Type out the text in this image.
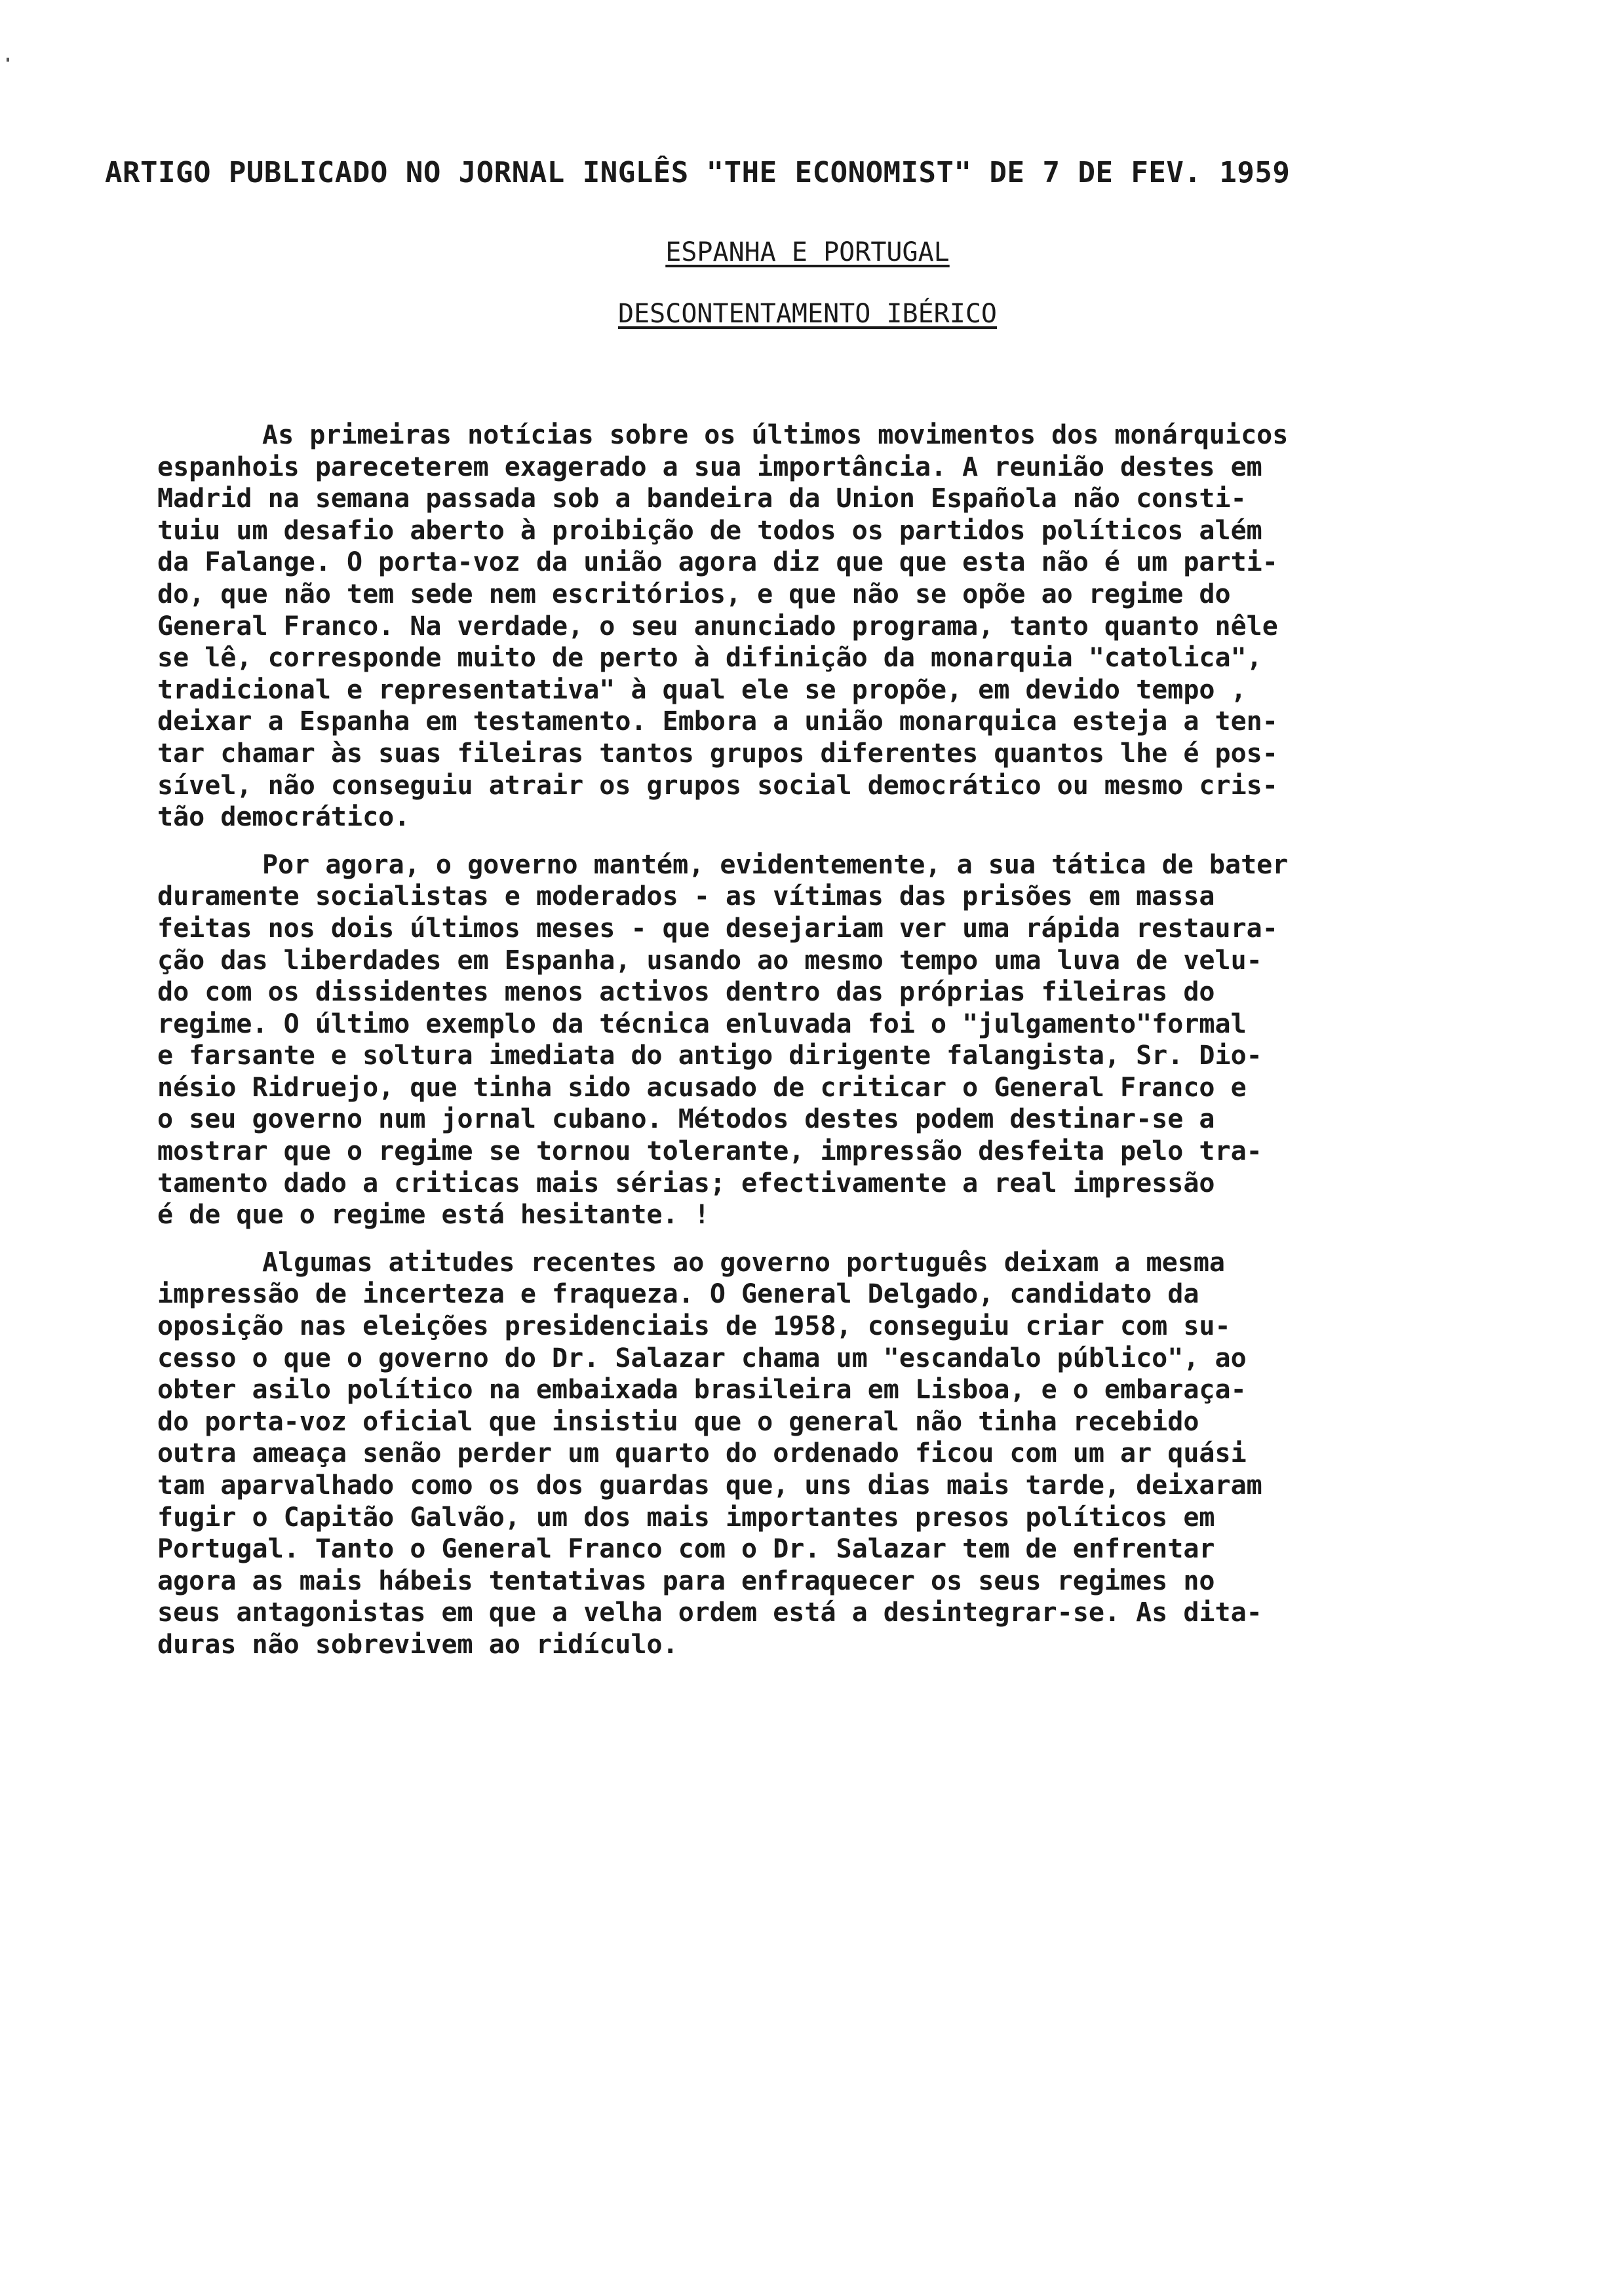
ARTIGO PUBLICADO NO JORNAL INGLÊS "THE ECONOMIST" DE 7 DE FEV. 1959
ESPANHA E PORTUGAL
DESCONTENTAMENTO IBÉRICO
As primeiras notícias sobre os últimos movimentos dos monárquicos
espanhois pareceterem exagerado a sua importância. A reunião destes em
Madrid na semana passada sob a bandeira da Union Española não consti-
tuiu um desafio aberto à proibição de todos os partidos políticos além
da Falange. O porta-voz da união agora diz que que esta não é um parti-
do, que não tem sede nem escritórios, e que não se opõe ao regime do
General Franco. Na verdade, o seu anunciado programa, tanto quanto nêle
se lê, corresponde muito de perto à difinição da monarquia "catolica",
tradicional e representativa" à qual ele se propõe, em devido tempo ,
deixar a Espanha em testamento. Embora a união monarquica esteja a ten-
tar chamar às suas fileiras tantos grupos diferentes quantos lhe é pos-
sível, não conseguiu atrair os grupos social democrático ou mesmo cris-
tão democrático.
Por agora, o governo mantém, evidentemente, a sua tática de bater
duramente socialistas e moderados - as vítimas das prisões em massa
feitas nos dois últimos meses - que desejariam ver uma rápida restaura-
ção das liberdades em Espanha, usando ao mesmo tempo uma luva de velu-
do com os dissidentes menos activos dentro das próprias fileiras do
regime. O último exemplo da técnica enluvada foi o "julgamento"formal
e farsante e soltura imediata do antigo dirigente falangista, Sr. Dio-
nésio Ridruejo, que tinha sido acusado de criticar o General Franco e
o seu governo num jornal cubano. Métodos destes podem destinar-se a
mostrar que o regime se tornou tolerante, impressão desfeita pelo tra-
tamento dado a criticas mais sérias; efectivamente a real impressão
é de que o regime está hesitante. !
Algumas atitudes recentes ao governo português deixam a mesma
impressão de incerteza e fraqueza. O General Delgado, candidato da
oposição nas eleições presidenciais de 1958, conseguiu criar com su-
cesso o que o governo do Dr. Salazar chama um "escandalo público", ao
obter asilo político na embaixada brasileira em Lisboa, e o embaraça-
do porta-voz oficial que insistiu que o general não tinha recebido
outra ameaça senão perder um quarto do ordenado ficou com um ar quási
tam aparvalhado como os dos guardas que, uns dias mais tarde, deixaram
fugir o Capitão Galvão, um dos mais importantes presos políticos em
Portugal. Tanto o General Franco com o Dr. Salazar tem de enfrentar
agora as mais hábeis tentativas para enfraquecer os seus regimes no
seus antagonistas em que a velha ordem está a desintegrar-se. As dita-
duras não sobrevivem ao ridículo.
